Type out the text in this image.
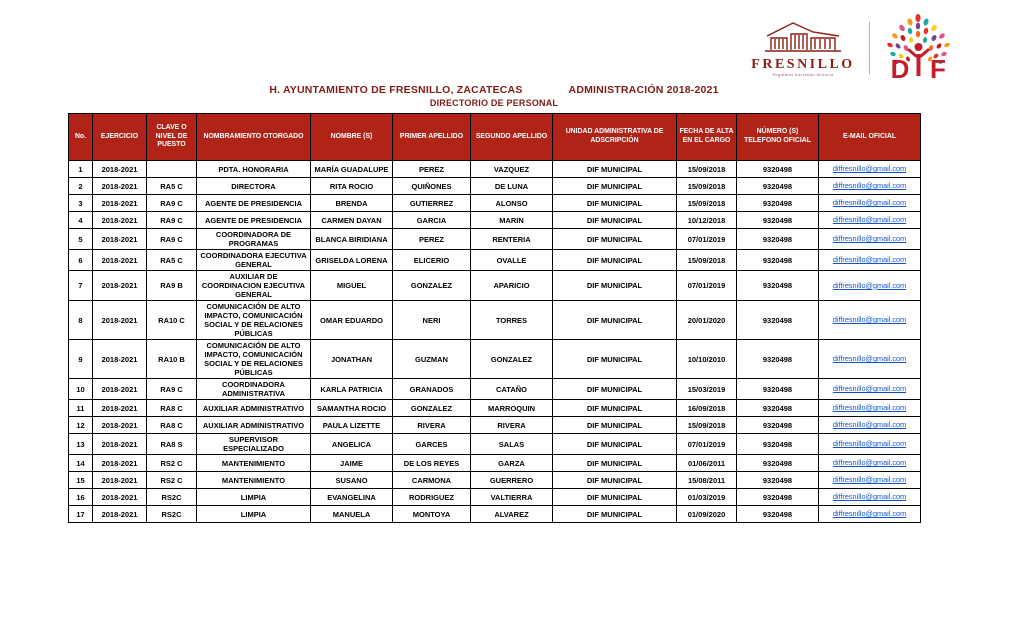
FRESNILLO
Seguimos haciendo historia D F
H. AYUNTAMIENTO DE FRESNILLO, ZACATECAS	ADMINISTRACIÓN 2018-2021
DIRECTORIO DE PERSONAL
No.	EJERCICIO	CLAVE O NIVEL DE PUESTO	NOMBRAMIENTO OTORGADO	NOMBRE (S)	PRIMER APELLIDO	SEGUNDO APELLIDO	UNIDAD ADMINISTRATIVA DE ADSCRIPCIÓN	FECHA DE ALTA EN EL CARGO	NÚMERO (S) TELEFONO OFICIAL	E-MAIL OFICIAL
1	2018-2021		PDTA. HONORARIA	MARÍA GUADALUPE	PEREZ	VAZQUEZ	DIF MUNICIPAL	15/09/2018	9320498	diffresnillo@gmail.com
2	2018-2021	RA5 C	DIRECTORA	RITA ROCIO	QUIÑONES	DE LUNA	DIF MUNICIPAL	15/09/2018	9320498	diffresnillo@gmail.com
3	2018-2021	RA9 C	AGENTE DE PRESIDENCIA	BRENDA	GUTIERREZ	ALONSO	DIF MUNICIPAL	15/09/2018	9320498	diffresnillo@gmail.com
4	2018-2021	RA9 C	AGENTE DE PRESIDENCIA	CARMEN DAYAN	GARCIA	MARIN	DIF MUNICIPAL	10/12/2018	9320498	diffresnillo@gmail.com
5	2018-2021	RA9 C	COORDINADORA DE PROGRAMAS	BLANCA BIRIDIANA	PEREZ	RENTERIA	DIF MUNICIPAL	07/01/2019	9320498	diffresnillo@gmail.com
6	2018-2021	RA5 C	COORDINADORA EJECUTIVA GENERAL	GRISELDA LORENA	ELICERIO	OVALLE	DIF MUNICIPAL	15/09/2018	9320498	diffresnillo@gmail.com
7	2018-2021	RA9 B	AUXILIAR DE COORDINACION EJECUTIVA GENERAL	MIGUEL	GONZALEZ	APARICIO	DIF MUNICIPAL	07/01/2019	9320498	diffresnillo@gmail.com
8	2018-2021	RA10 C	COMUNICACIÓN DE ALTO IMPACTO, COMUNICACIÓN SOCIAL Y DE RELACIONES PÚBLICAS	OMAR EDUARDO	NERI	TORRES	DIF MUNICIPAL	20/01/2020	9320498	diffresnillo@gmail.com
9	2018-2021	RA10 B	COMUNICACIÓN DE ALTO IMPACTO, COMUNICACIÓN SOCIAL Y DE RELACIONES PÚBLICAS	JONATHAN	GUZMAN	GONZALEZ	DIF MUNICIPAL	10/10/2010	9320498	diffresnillo@gmail.com
10	2018-2021	RA9 C	COORDINADORA ADMINISTRATIVA	KARLA PATRICIA	GRANADOS	CATAÑO	DIF MUNICIPAL	15/03/2019	9320498	diffresnillo@gmail.com
11	2018-2021	RA8 C	AUXILIAR ADMINISTRATIVO	SAMANTHA ROCIO	GONZALEZ	MARROQUIN	DIF MUNICIPAL	16/09/2018	9320498	diffresnillo@gmail.com
12	2018-2021	RA8 C	AUXILIAR ADMINISTRATIVO	PAULA LIZETTE	RIVERA	RIVERA	DIF MUNICIPAL	15/09/2018	9320498	diffresnillo@gmail.com
13	2018-2021	RA8 S	SUPERVISOR ESPECIALIZADO	ANGELICA	GARCES	SALAS	DIF MUNICIPAL	07/01/2019	9320498	diffresnillo@gmail.com
14	2018-2021	RS2 C	MANTENIMIENTO	JAIME	DE LOS REYES	GARZA	DIF MUNICIPAL	01/06/2011	9320498	diffresnillo@gmail.com
15	2018-2021	RS2 C	MANTENIMIENTO	SUSANO	CARMONA	GUERRERO	DIF MUNICIPAL	15/08/2011	9320498	diffresnillo@gmail.com
16	2018-2021	RS2C	LIMPIA	EVANGELINA	RODRIGUEZ	VALTIERRA	DIF MUNICIPAL	01/03/2019	9320498	diffresnillo@gmail.com
17	2018-2021	RS2C	LIMPIA	MANUELA	MONTOYA	ALVAREZ	DIF MUNICIPAL	01/09/2020	9320498	diffresnillo@gmail.com
